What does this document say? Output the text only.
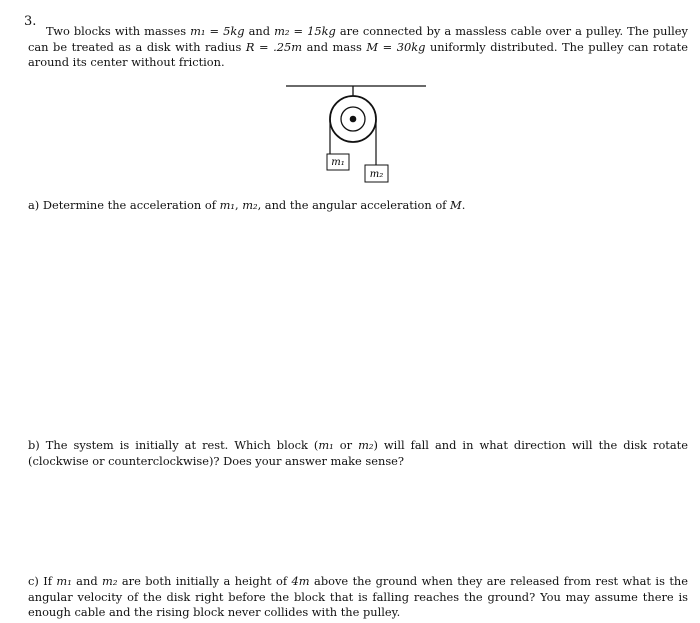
3.

Two blocks with masses m₁ = 5kg and m₂ = 15kg are connected by a massless cable over a pulley. The pulley can be treated as a disk with radius R = .25m and mass M = 30kg uniformly distributed. The pulley can rotate around its center without friction.

m₁
m₂

a) Determine the acceleration of m₁, m₂, and the angular acceleration of M.

b) The system is initially at rest. Which block (m₁ or m₂) will fall and in what direction will the disk rotate (clockwise or counterclockwise)? Does your answer make sense?

c) If m₁ and m₂ are both initially a height of 4m above the ground when they are released from rest what is the angular velocity of the disk right before the block that is falling reaches the ground? You may assume there is enough cable and the rising block never collides with the pulley.
